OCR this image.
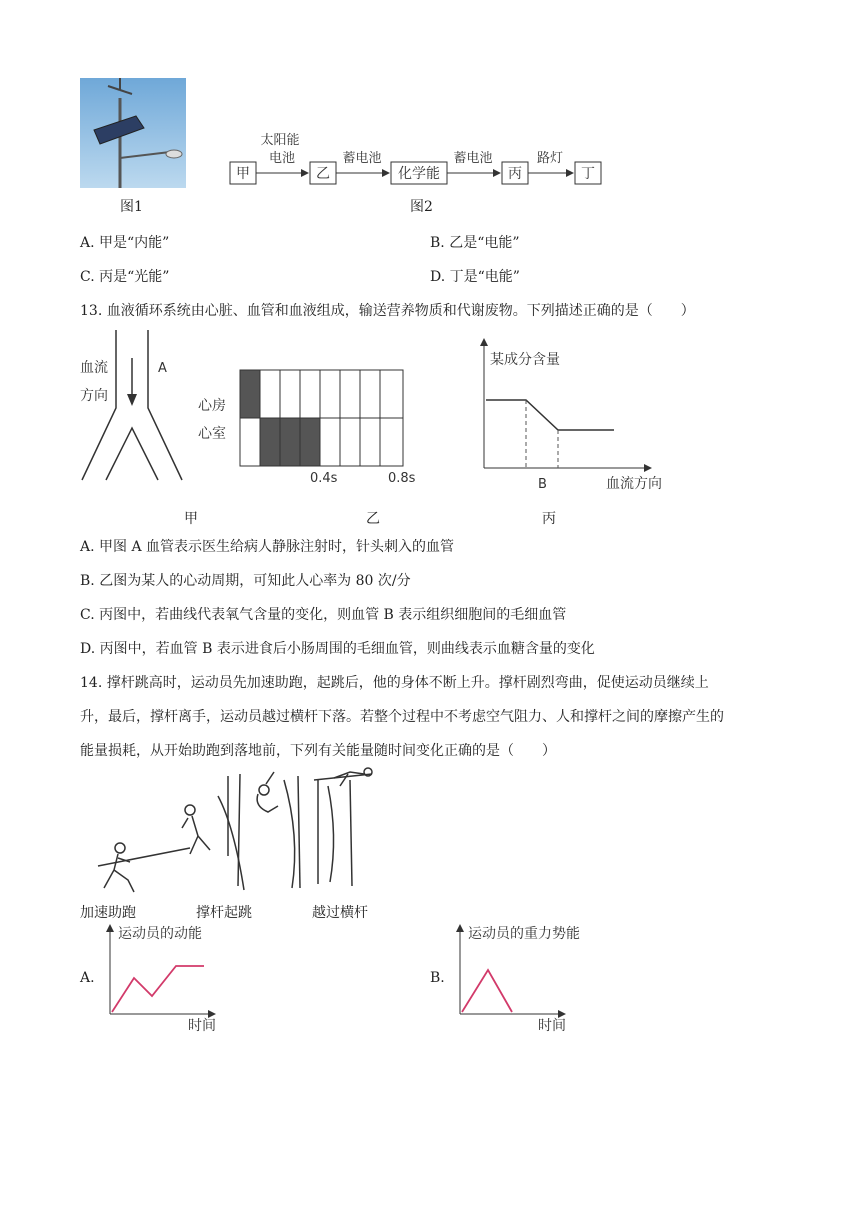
图1
甲
太阳能
电池
乙
蓄电池
化学能
蓄电池
丙
路灯
丁
图2
A. 甲是“内能”	B. 乙是“电能”
C. 丙是“光能”	D. 丁是“电能”
13. 血液循环系统由心脏、血管和血液组成，输送营养物质和代谢废物。下列描述正确的是（　　）
血流
方向
A
甲
心房
心室
0.4s	0.8s
乙
某成分含量
B	血流方向
丙
A. 甲图 A 血管表示医生给病人静脉注射时，针头刺入的血管
B. 乙图为某人的心动周期，可知此人心率为 80 次/分
C. 丙图中，若曲线代表氧气含量的变化，则血管 B 表示组织细胞间的毛细血管
D. 丙图中，若血管 B 表示进食后小肠周围的毛细血管，则曲线表示血糖含量的变化
14. 撑杆跳高时，运动员先加速助跑，起跳后，他的身体不断上升。撑杆剧烈弯曲，促使运动员继续上
升，最后，撑杆离手，运动员越过横杆下落。若整个过程中不考虑空气阻力、人和撑杆之间的摩擦产生的
能量损耗，从开始助跑到落地前，下列有关能量随时间变化正确的是（　　）
加速助跑	撑杆起跳	越过横杆
A.
运动员的动能
时间
B.
运动员的重力势能
时间
